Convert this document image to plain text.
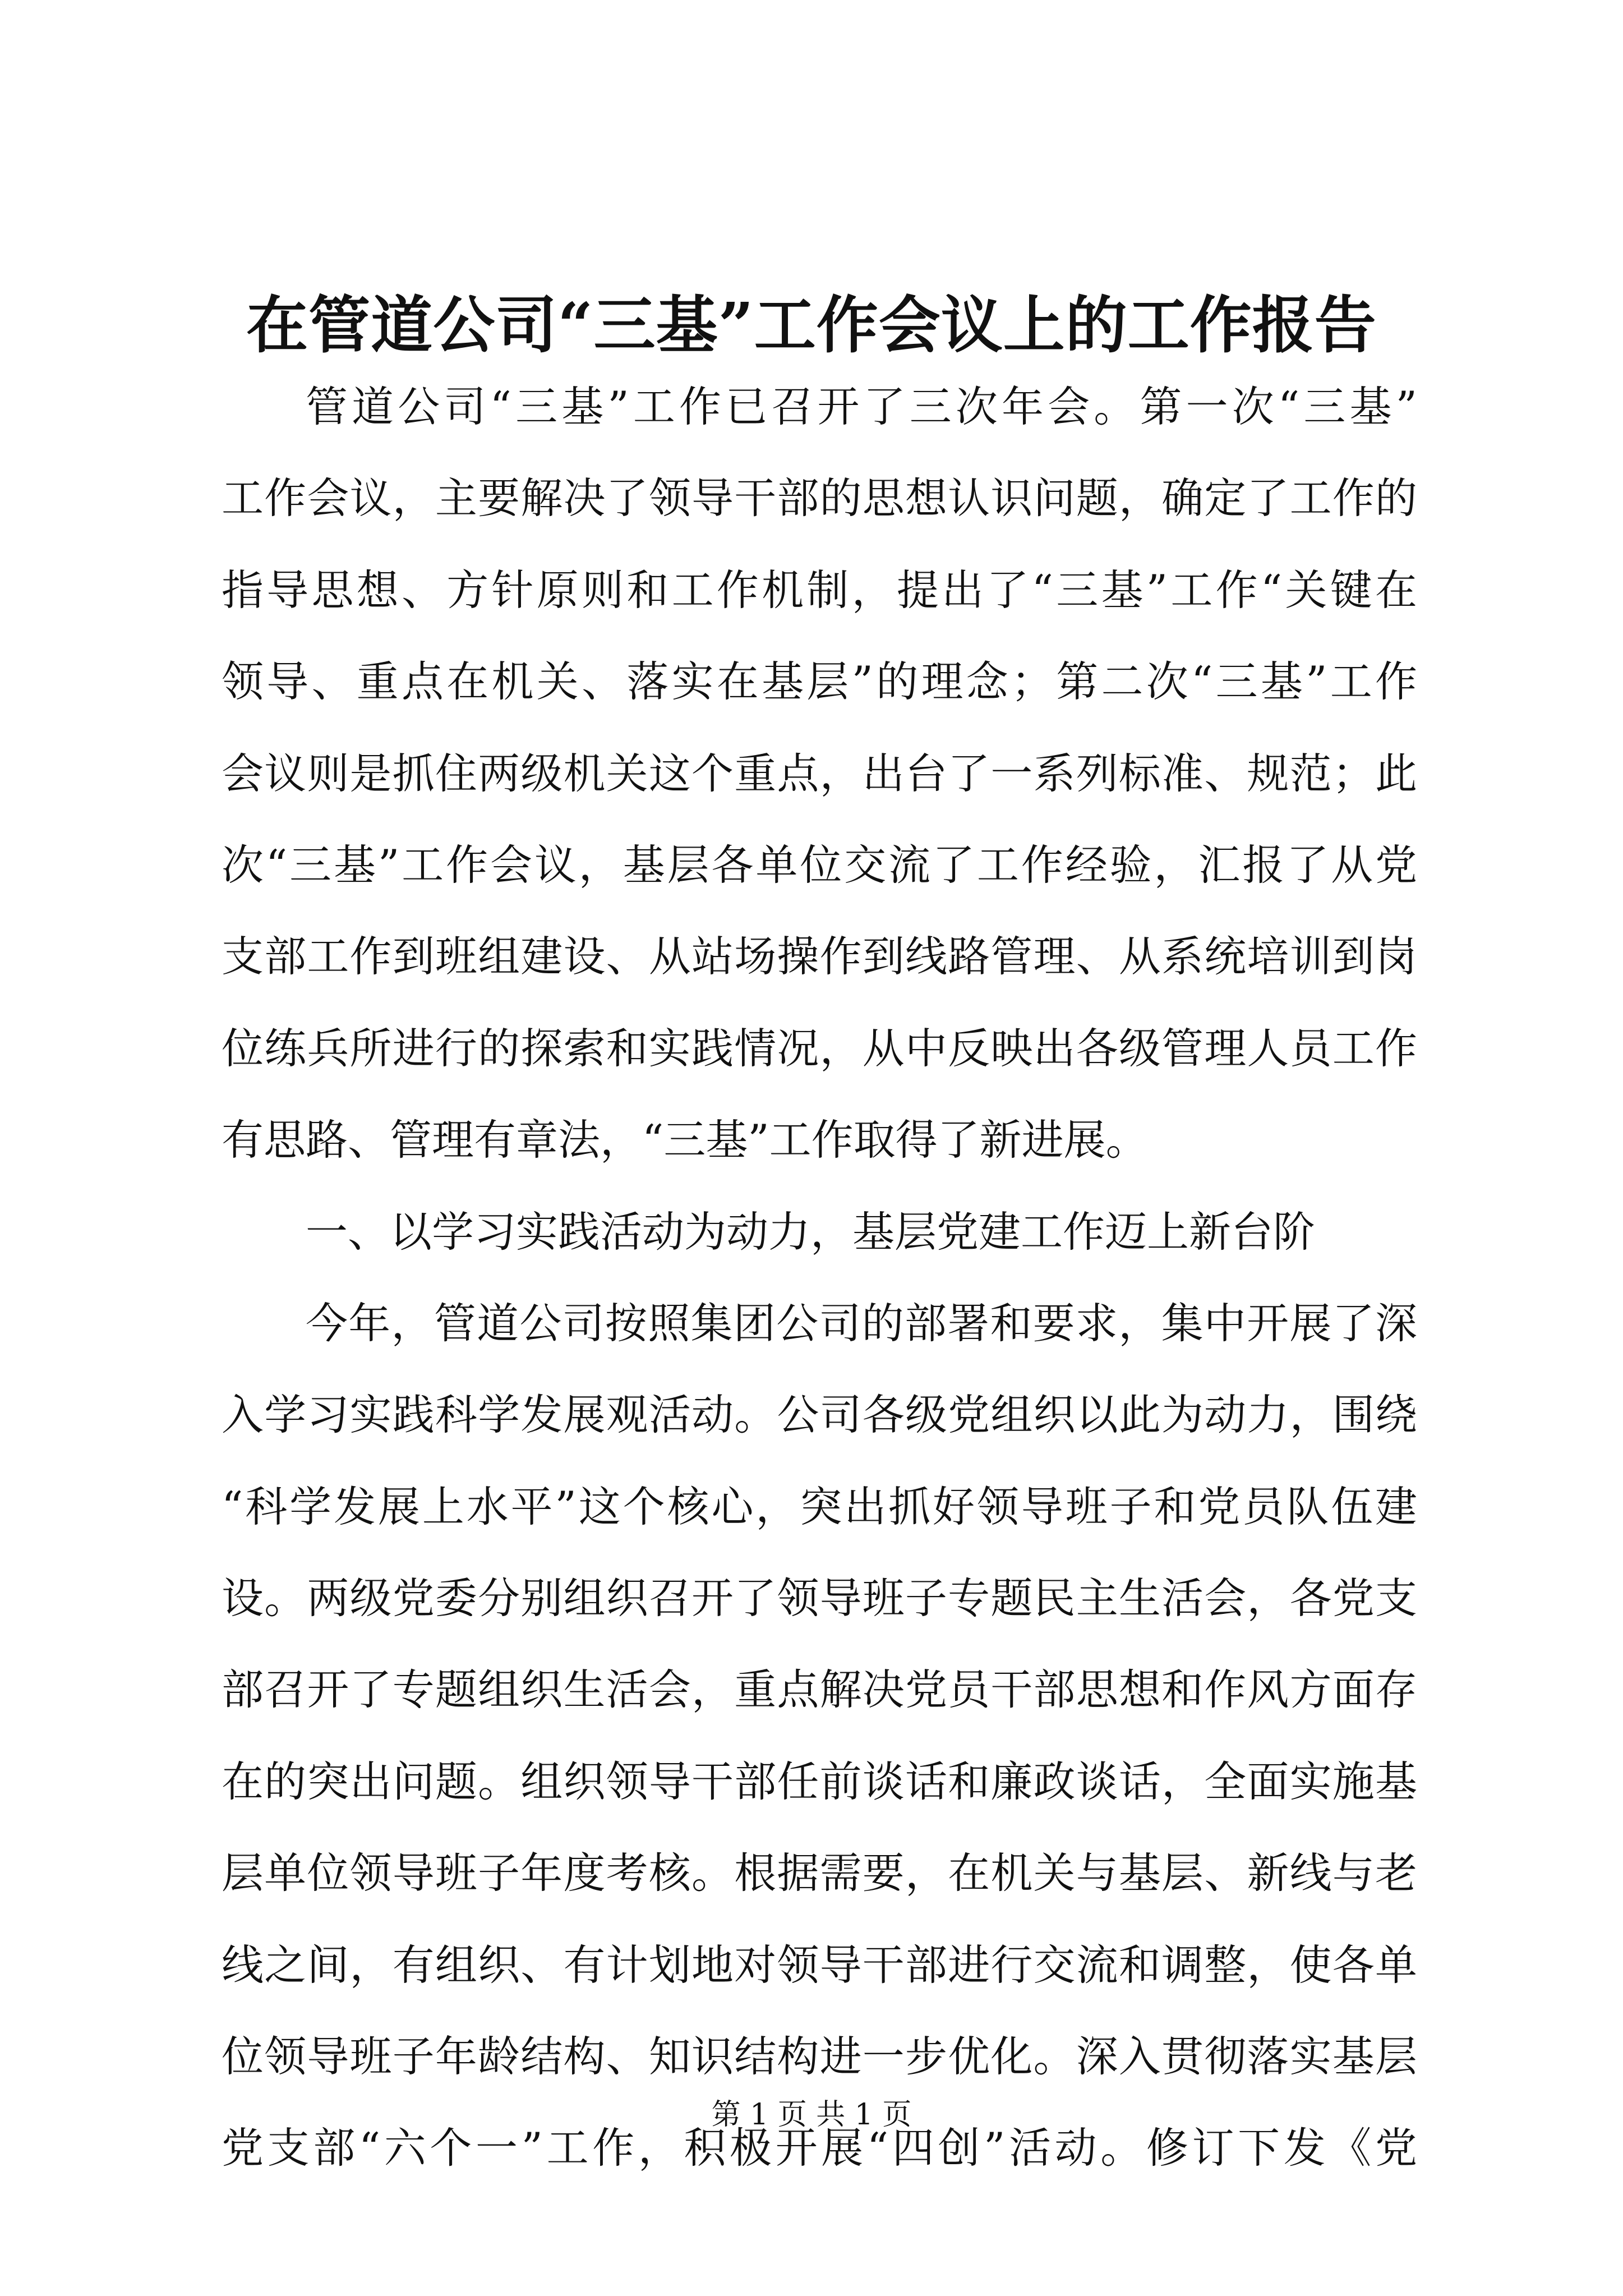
在管道公司“三基”工作会议上的工作报告
管道公司“三基”工作已召开了三次年会。第一次“三基”
工作会议，主要解决了领导干部的思想认识问题，确定了工作的
指导思想、方针原则和工作机制，提出了“三基”工作“关键在
领导、重点在机关、落实在基层”的理念；第二次“三基”工作
会议则是抓住两级机关这个重点，出台了一系列标准、规范；此
次“三基”工作会议，基层各单位交流了工作经验，汇报了从党
支部工作到班组建设、从站场操作到线路管理、从系统培训到岗
位练兵所进行的探索和实践情况，从中反映出各级管理人员工作
有思路、管理有章法，“三基”工作取得了新进展。
一、以学习实践活动为动力，基层党建工作迈上新台阶
今年，管道公司按照集团公司的部署和要求，集中开展了深
入学习实践科学发展观活动。公司各级党组织以此为动力，围绕
“科学发展上水平”这个核心，突出抓好领导班子和党员队伍建
设。两级党委分别组织召开了领导班子专题民主生活会，各党支
部召开了专题组织生活会，重点解决党员干部思想和作风方面存
在的突出问题。组织领导干部任前谈话和廉政谈话，全面实施基
层单位领导班子年度考核。根据需要，在机关与基层、新线与老
线之间，有组织、有计划地对领导干部进行交流和调整，使各单
位领导班子年龄结构、知识结构进一步优化。深入贯彻落实基层
党支部“六个一”工作，积极开展“四创”活动。修订下发《党
第 1 页 共 1 页
